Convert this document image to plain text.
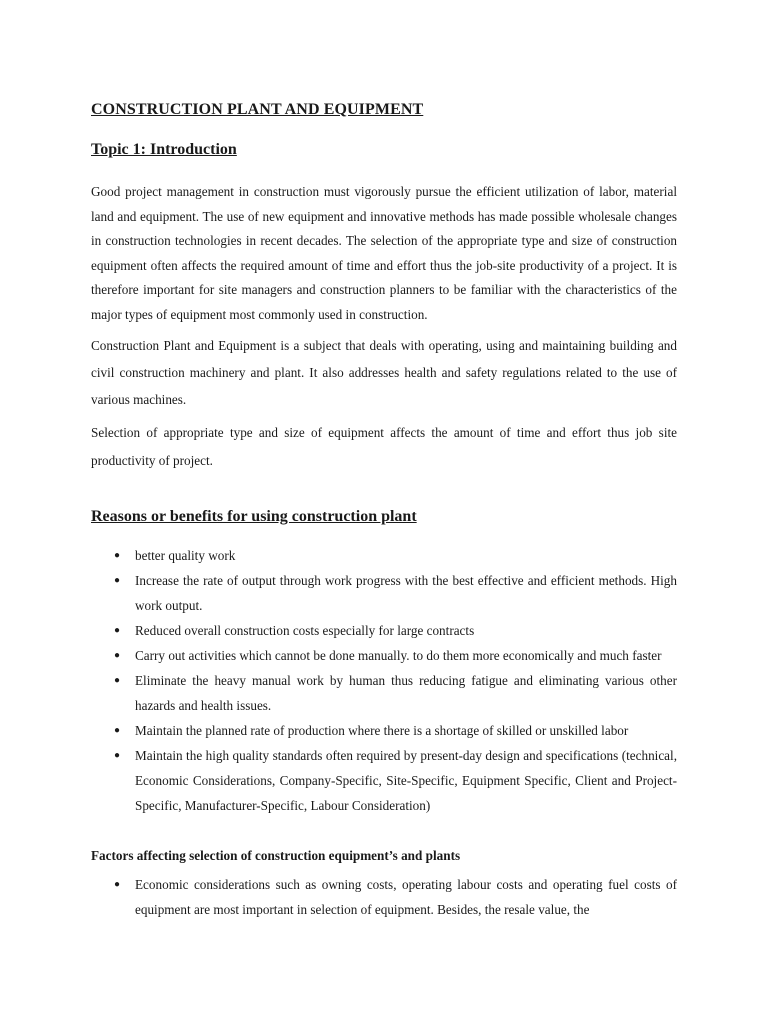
CONSTRUCTION PLANT AND EQUIPMENT
Topic 1: Introduction

Good project management in construction must vigorously pursue the efficient utilization of labor, material land and equipment. The use of new equipment and innovative methods has made possible wholesale changes in construction technologies in recent decades. The selection of the appropriate type and size of construction equipment often affects the required amount of time and effort thus the job-site productivity of a project. It is therefore important for site managers and construction planners to be familiar with the characteristics of the major types of equipment most commonly used in construction.

Construction Plant and Equipment is a subject that deals with operating, using and maintaining building and civil construction machinery and plant. It also addresses health and safety regulations related to the use of various machines.

Selection of appropriate type and size of equipment affects the amount of time and effort thus job site productivity of project.

Reasons or benefits for using construction plant
● better quality work
● Increase the rate of output through work progress with the best effective and efficient methods. High work output.
● Reduced overall construction costs especially for large contracts
● Carry out activities which cannot be done manually. to do them more economically and much faster
● Eliminate the heavy manual work by human thus reducing fatigue and eliminating various other hazards and health issues.
● Maintain the planned rate of production where there is a shortage of skilled or unskilled labor
● Maintain the high quality standards often required by present-day design and specifications (technical, Economic Considerations, Company-Specific, Site-Specific, Equipment Specific, Client and Project-Specific, Manufacturer-Specific, Labour Consideration)
Factors affecting selection of construction equipment’s and plants
● Economic considerations such as owning costs, operating labour costs and operating fuel costs of equipment are most important in selection of equipment. Besides, the resale value, the
